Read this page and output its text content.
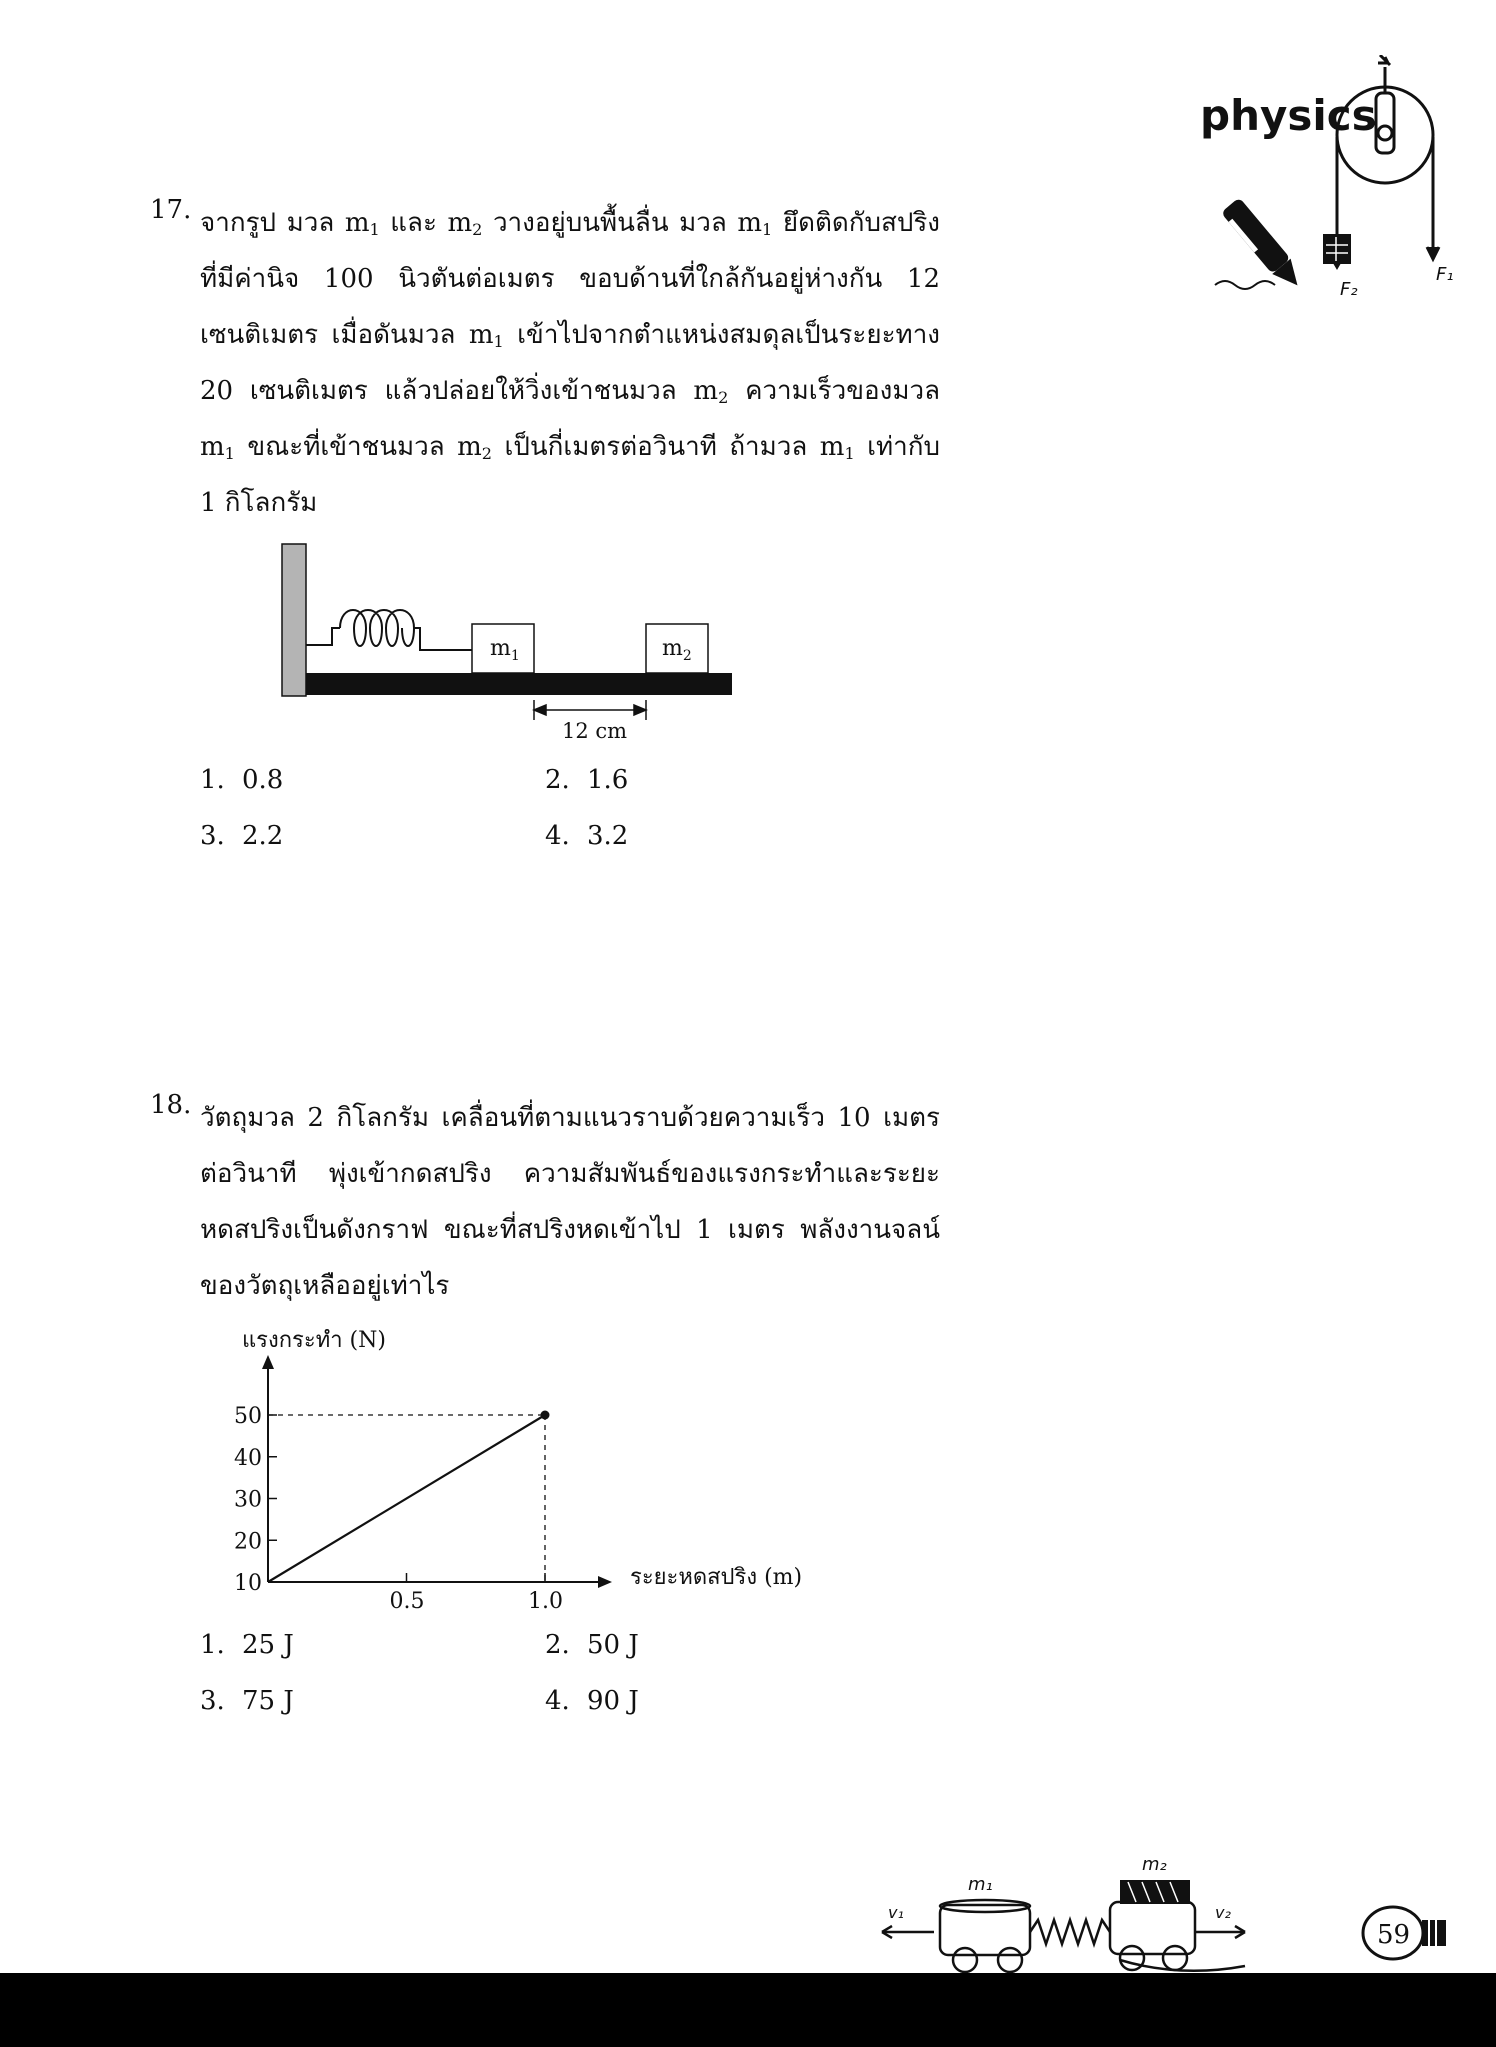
physics
F₂
F₁
17. จากรูป มวล $m_1$ และ $m_2$ วางอยู่บนพื้นลื่น มวล $m_1$ ยึดติดกับสปริง
ที่มีค่านิจ 100 นิวตันต่อเมตร ขอบด้านที่ใกล้กันอยู่ห่างกัน 12
เซนติเมตร เมื่อดันมวล $m_1$ เข้าไปจากตำแหน่งสมดุลเป็นระยะทาง
20 เซนติเมตร แล้วปล่อยให้วิ่งเข้าชนมวล $m_2$ ความเร็วของมวล
$m_1$ ขณะที่เข้าชนมวล $m_2$ เป็นกี่เมตรต่อวินาที ถ้ามวล $m_1$ เท่ากับ
1 กิโลกรัม
$m_1$	$m_2$
12 cm
1. 0.8	2. 1.6
3. 2.2	4. 3.2
18. วัตถุมวล 2 กิโลกรัม เคลื่อนที่ตามแนวราบด้วยความเร็ว 10 เมตร
ต่อวินาที พุ่งเข้ากดสปริง ความสัมพันธ์ของแรงกระทำและระยะ
หดสปริงเป็นดังกราฟ ขณะที่สปริงหดเข้าไป 1 เมตร พลังงานจลน์
ของวัตถุเหลืออยู่เท่าไร
10
20
30
40
50
0.5	1.0
แรงกระทำ (N)
ระยะหดสปริง (m)
1. 25 J	2. 50 J
3. 75 J	4. 90 J
m₁
m₂
v₁	v₂
59
